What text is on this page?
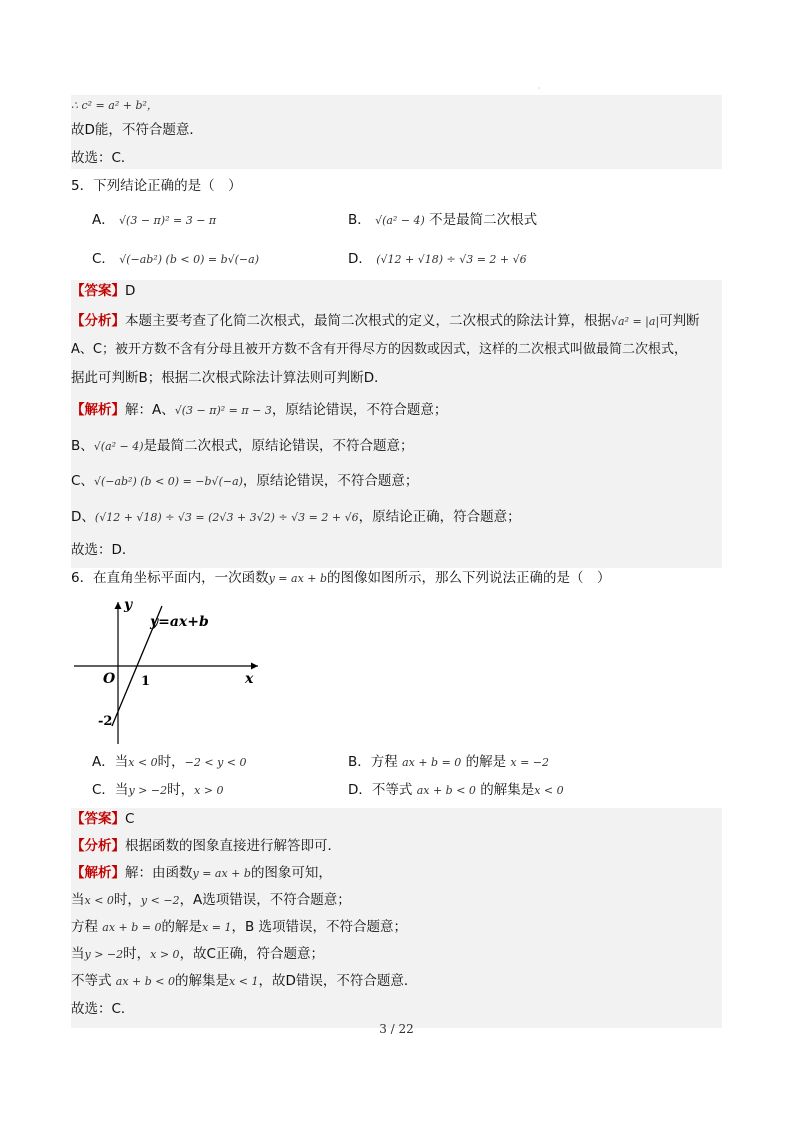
·
∴ c² = a² + b²，
故D能，不符合题意．
故选：C．
5．下列结论正确的是（　）
A． √(3 − π)² = 3 − π	B． √(a² − 4) 不是最简二次根式
C． √(−ab²) (b < 0) = b√(−a)	D． (√12 + √18) ÷ √3 = 2 + √6
【答案】D
【分析】本题主要考查了化简二次根式，最简二次根式的定义，二次根式的除法计算，根据√a² = |a|可判断
A、C；被开方数不含有分母且被开方数不含有开得尽方的因数或因式，这样的二次根式叫做最简二次根式，
据此可判断B；根据二次根式除法计算法则可判断D．
【解析】解：A、√(3 − π)² = π − 3，原结论错误，不符合题意；
B、√(a² − 4)是最简二次根式，原结论错误，不符合题意；
C、√(−ab²) (b < 0) = −b√(−a)，原结论错误，不符合题意；
D、(√12 + √18) ÷ √3 = (2√3 + 3√2) ÷ √3 = 2 + √6，原结论正确，符合题意；
故选：D．
6．在直角坐标平面内，一次函数y = ax + b的图像如图所示，那么下列说法正确的是（　）
y
x
O 1
-2
y=ax+b
A．当x < 0时，−2 < y < 0	B．方程 ax + b = 0 的解是 x = −2
C．当y > −2时，x > 0	D．不等式 ax + b < 0 的解集是x < 0
【答案】C
【分析】根据函数的图象直接进行解答即可．
【解析】解：由函数y = ax + b的图象可知，
当x < 0时，y < −2，A选项错误，不符合题意；
方程 ax + b = 0的解是x = 1，B 选项错误，不符合题意；
当y > −2时，x > 0，故C正确，符合题意；
不等式 ax + b < 0的解集是x < 1，故D错误，不符合题意．
故选：C．
3 / 22
